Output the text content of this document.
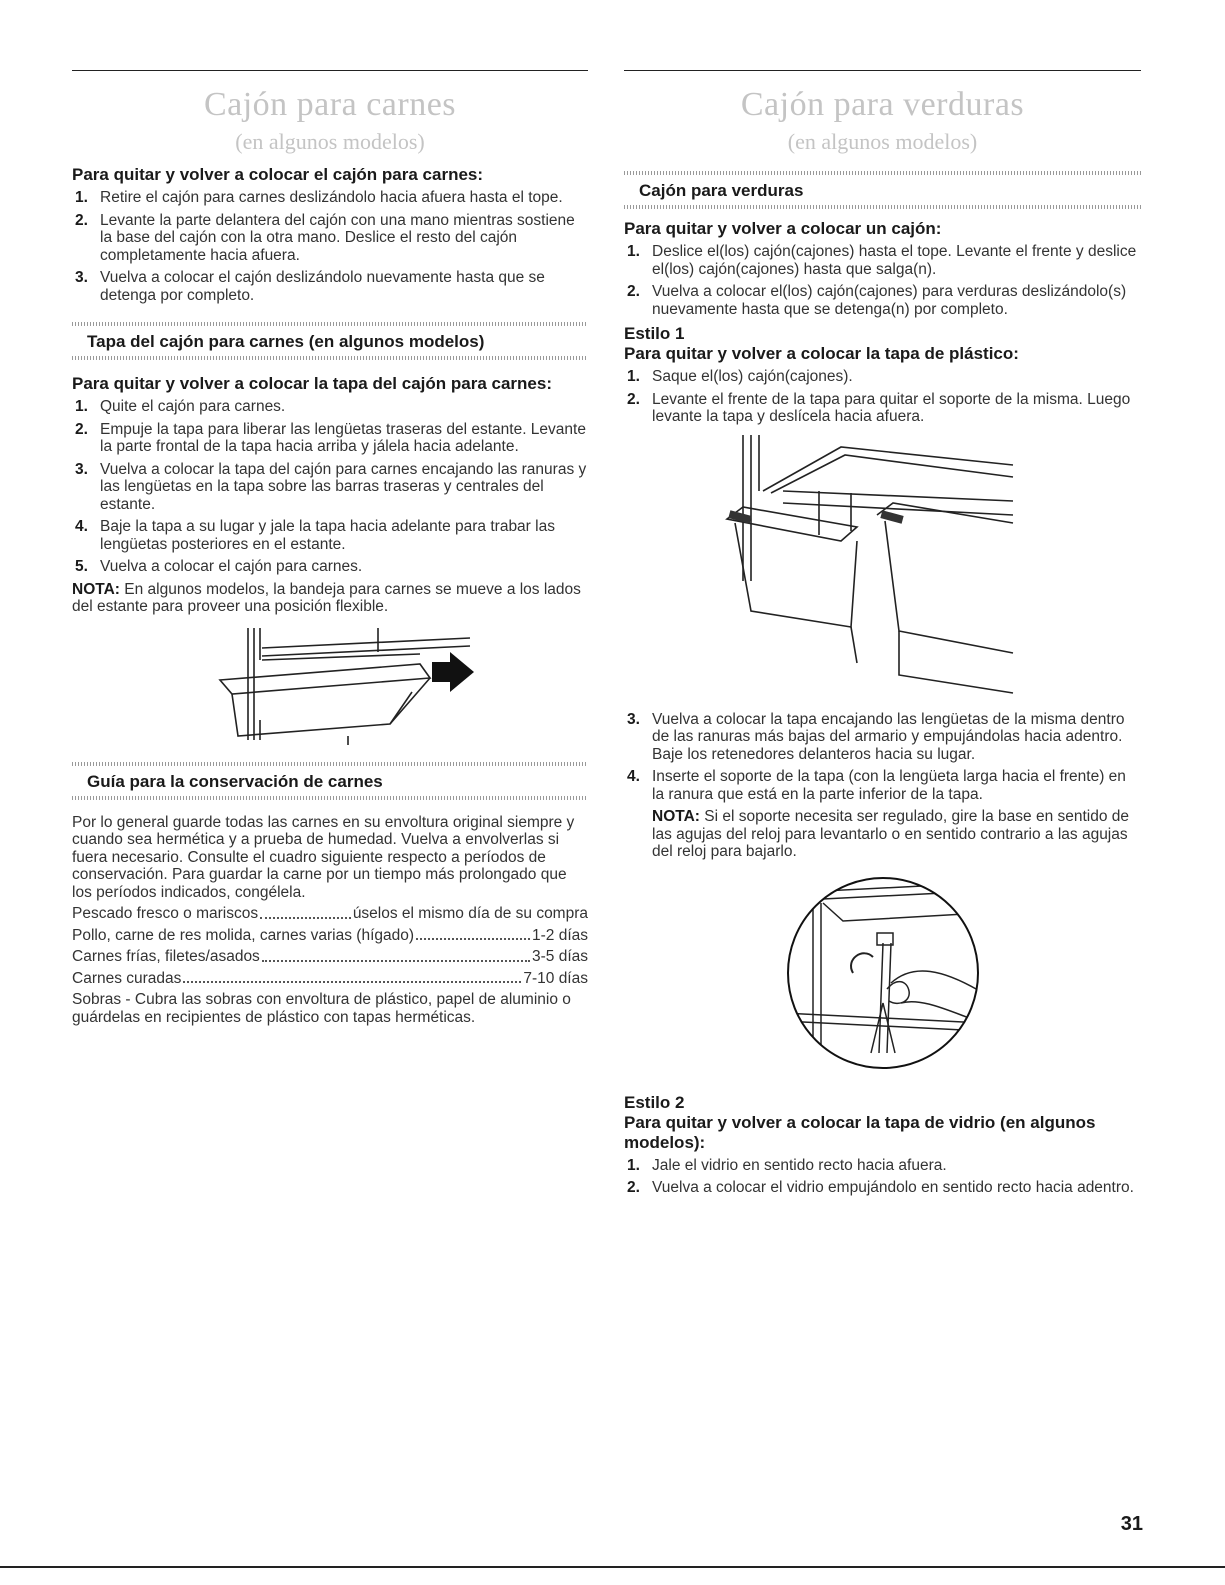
Cajón para carnes
(en algunos modelos)
Para quitar y volver a colocar el cajón para carnes:
1. Retire el cajón para carnes deslizándolo hacia afuera hasta el tope.
2. Levante la parte delantera del cajón con una mano mientras sostiene la base del cajón con la otra mano. Deslice el resto del cajón completamente hacia afuera.
3. Vuelva a colocar el cajón deslizándolo nuevamente hasta que se detenga por completo.
Tapa del cajón para carnes (en algunos modelos)
Para quitar y volver a colocar la tapa del cajón para carnes:
1. Quite el cajón para carnes.
2. Empuje la tapa para liberar las lengüetas traseras del estante. Levante la parte frontal de la tapa hacia arriba y jálela hacia adelante.
3. Vuelva a colocar la tapa del cajón para carnes encajando las ranuras y las lengüetas en la tapa sobre las barras traseras y centrales del estante.
4. Baje la tapa a su lugar y jale la tapa hacia adelante para trabar las lengüetas posteriores en el estante.
5. Vuelva a colocar el cajón para carnes.

NOTA: En algunos modelos, la bandeja para carnes se mueve a los lados del estante para proveer una posición flexible.

Guía para la conservación de carnes

Por lo general guarde todas las carnes en su envoltura original siempre y cuando sea hermética y a prueba de humedad. Vuelva a envolverlas si fuera necesario. Consulte el cuadro siguiente respecto a períodos de conservación. Para guardar la carne por un tiempo más prolongado que los períodos indicados, congélela.

Pescado fresco o mariscos	úselos el mismo día de su compra
Pollo, carne de res molida, carnes varias (hígado)	1-2 días
Carnes frías, filetes/asados	3-5 días
Carnes curadas	7-10 días

Sobras - Cubra las sobras con envoltura de plástico, papel de aluminio o guárdelas en recipientes de plástico con tapas herméticas.

Cajón para verduras
(en algunos modelos)
Cajón para verduras
Para quitar y volver a colocar un cajón:
1. Deslice el(los) cajón(cajones) hasta el tope. Levante el frente y deslice el(los) cajón(cajones) hasta que salga(n).
2. Vuelva a colocar el(los) cajón(cajones) para verduras deslizándolo(s) nuevamente hasta que se detenga(n) por completo.
Estilo 1
Para quitar y volver a colocar la tapa de plástico:
1. Saque el(los) cajón(cajones).
2. Levante el frente de la tapa para quitar el soporte de la misma. Luego levante la tapa y deslícela hacia afuera.
3. Vuelva a colocar la tapa encajando las lengüetas de la misma dentro de las ranuras más bajas del armario y empujándolas hacia adentro. Baje los retenedores delanteros hacia su lugar.
4. Inserte el soporte de la tapa (con la lengüeta larga hacia el frente) en la ranura que está en la parte inferior de la tapa.

NOTA: Si el soporte necesita ser regulado, gire la base en sentido de las agujas del reloj para levantarlo o en sentido contrario a las agujas del reloj para bajarlo.

Estilo 2
Para quitar y volver a colocar la tapa de vidrio (en algunos modelos):
1. Jale el vidrio en sentido recto hacia afuera.
2. Vuelva a colocar el vidrio empujándolo en sentido recto hacia adentro.
31
